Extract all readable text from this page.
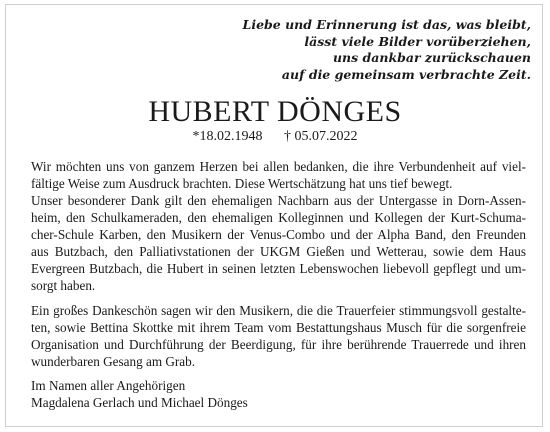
Liebe und Erinnerung ist das, was bleibt,
lässt viele Bilder vorüberziehen,
uns dankbar zurückschauen
auf die gemeinsam verbrachte Zeit.
HUBERT DÖNGES
*18.02.1948 † 05.07.2022
Wir möchten uns von ganzem Herzen bei allen bedanken, die ihre Verbundenheit auf viel-
fältige Weise zum Ausdruck brachten. Diese Wertschätzung hat uns tief bewegt.
Unser besonderer Dank gilt den ehemaligen Nachbarn aus der Untergasse in Dorn-Assen-
heim, den Schulkameraden, den ehemaligen Kolleginnen und Kollegen der Kurt-Schuma-
cher-Schule Karben, den Musikern der Venus-Combo und der Alpha Band, den Freunden
aus Butzbach, den Palliativstationen der UKGM Gießen und Wetterau, sowie dem Haus
Evergreen Butzbach, die Hubert in seinen letzten Lebenswochen liebevoll gepflegt und um-
sorgt haben.
Ein großes Dankeschön sagen wir den Musikern, die die Trauerfeier stimmungsvoll gestalte-
ten, sowie Bettina Skottke mit ihrem Team vom Bestattungshaus Musch für die sorgenfreie
Organisation und Durchführung der Beerdigung, für ihre berührende Trauerrede und ihren
wunderbaren Gesang am Grab.
Im Namen aller Angehörigen
Magdalena Gerlach und Michael Dönges
